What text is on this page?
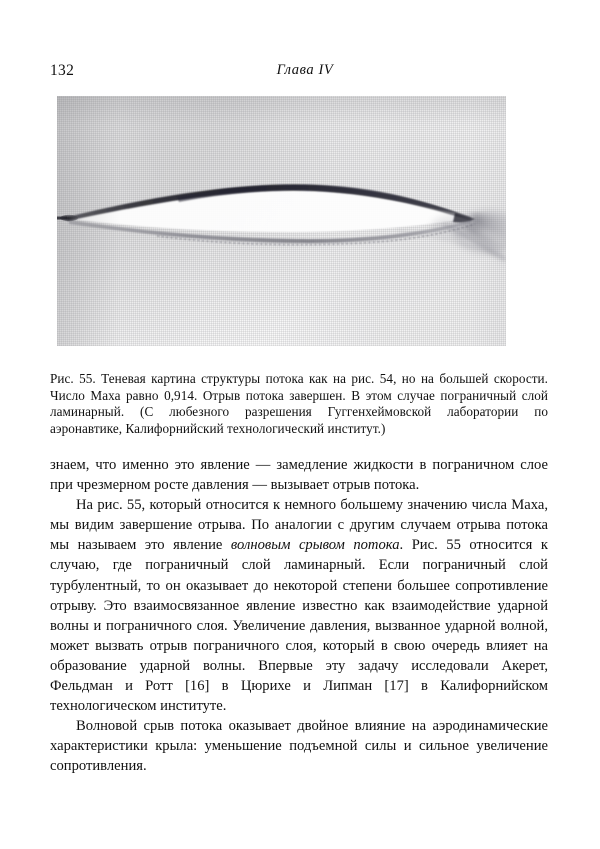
132	Глава IV
Рис. 55. Теневая картина структуры потока как на рис. 54, но на большей скорости. Число Маха равно 0,914. Отрыв потока завершен. В этом случае пограничный слой ламинарный. (С любезного разрешения Гуггенхеймовской лаборатории по аэронавтике, Калифорнийский технологический институт.)

знаем, что именно это явление — замедление жидкости в пограничном слое при чрезмерном росте давления — вызывает отрыв потока.

На рис. 55, который относится к немного большему значению числа Маха, мы видим завершение отрыва. По аналогии с другим случаем отрыва потока мы называем это явление волновым срывом потока. Рис. 55 относится к случаю, где пограничный слой ламинарный. Если пограничный слой турбулентный, то он оказывает до некоторой степени большее сопротивление отрыву. Это взаимосвязанное явление известно как взаимодействие ударной волны и пограничного слоя. Увеличение давления, вызванное ударной волной, может вызвать отрыв пограничного слоя, который в свою очередь влияет на образование ударной волны. Впервые эту задачу исследовали Акерет, Фельдман и Ротт [16] в Цюрихе и Липман [17] в Калифорнийском технологическом институте.

Волновой срыв потока оказывает двойное влияние на аэродинамические характеристики крыла: уменьшение подъемной силы и сильное увеличение сопротивления.
